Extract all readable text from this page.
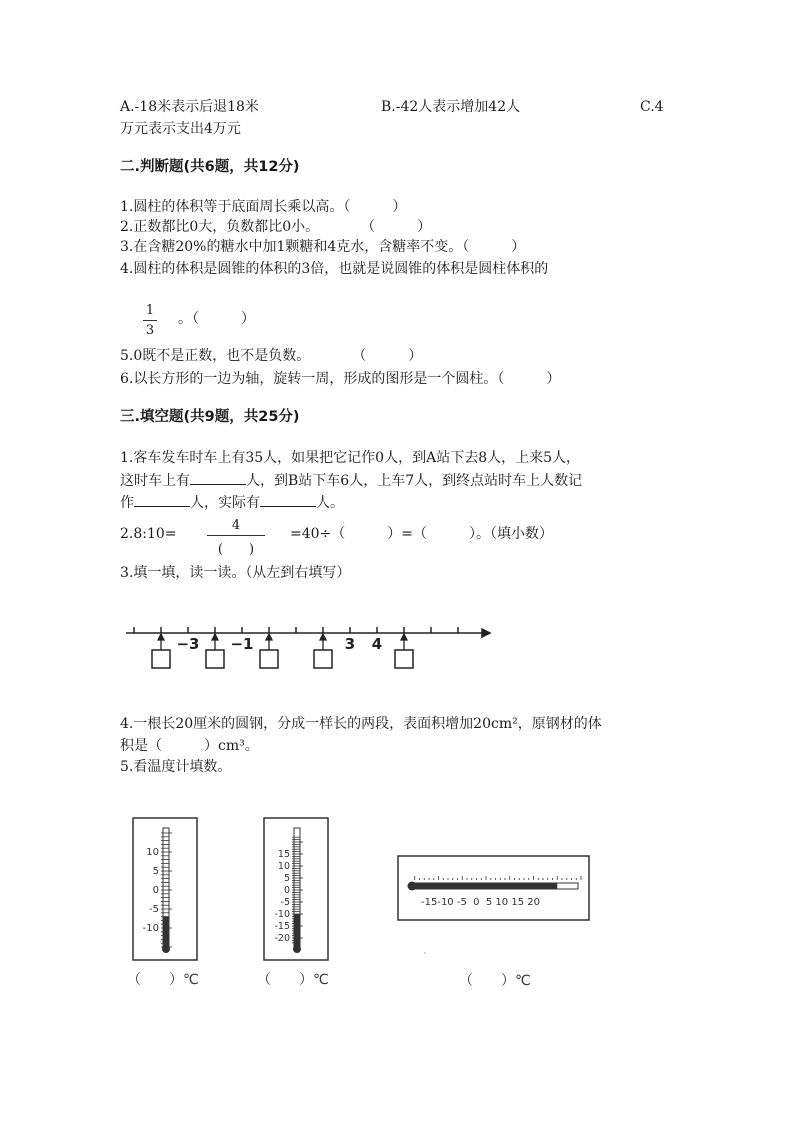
A.-18米表示后退18米	B.-42人表示增加42人	C.4
万元表示支出4万元
二.判断题(共6题，共12分)
1.圆柱的体积等于底面周长乘以高。（　　　）
2.正数都比0大，负数都比0小。　　　　（　　　）
3.在含糖20%的糖水中加1颗糖和4克水，含糖率不变。（　　　）
4.圆柱的体积是圆锥的体积的3倍，也就是说圆锥的体积是圆柱体积的
1
3
。（　　　）
5.0既不是正数，也不是负数。　　　　（　　　）
6.以长方形的一边为轴，旋转一周，形成的图形是一个圆柱。（　　　）
三.填空题(共9题，共25分)
1.客车发车时车上有35人，如果把它记作0人，到A站下去8人，上来5人，
这时车上有	人，到B站下车6人，上车7人，到终点站时车上人数记
作	人，实际有	人。
2.8:10=
4
(　　)
=40÷（　　　）=（　　　）。（填小数）
3.填一填，读一读。（从左到右填写）
−3 −1	3 4
4.一根长20厘米的圆钢，分成一样长的两段，表面积增加20cm²，原钢材的体
积是（　　　）cm³。
5.看温度计填数。
10
5
0
-5
-10
15
10
5
0
-5
-10
-15
-20
-15-10 -5  0  5 10 15 20
（　　）℃	（　　）℃	（　　）℃
